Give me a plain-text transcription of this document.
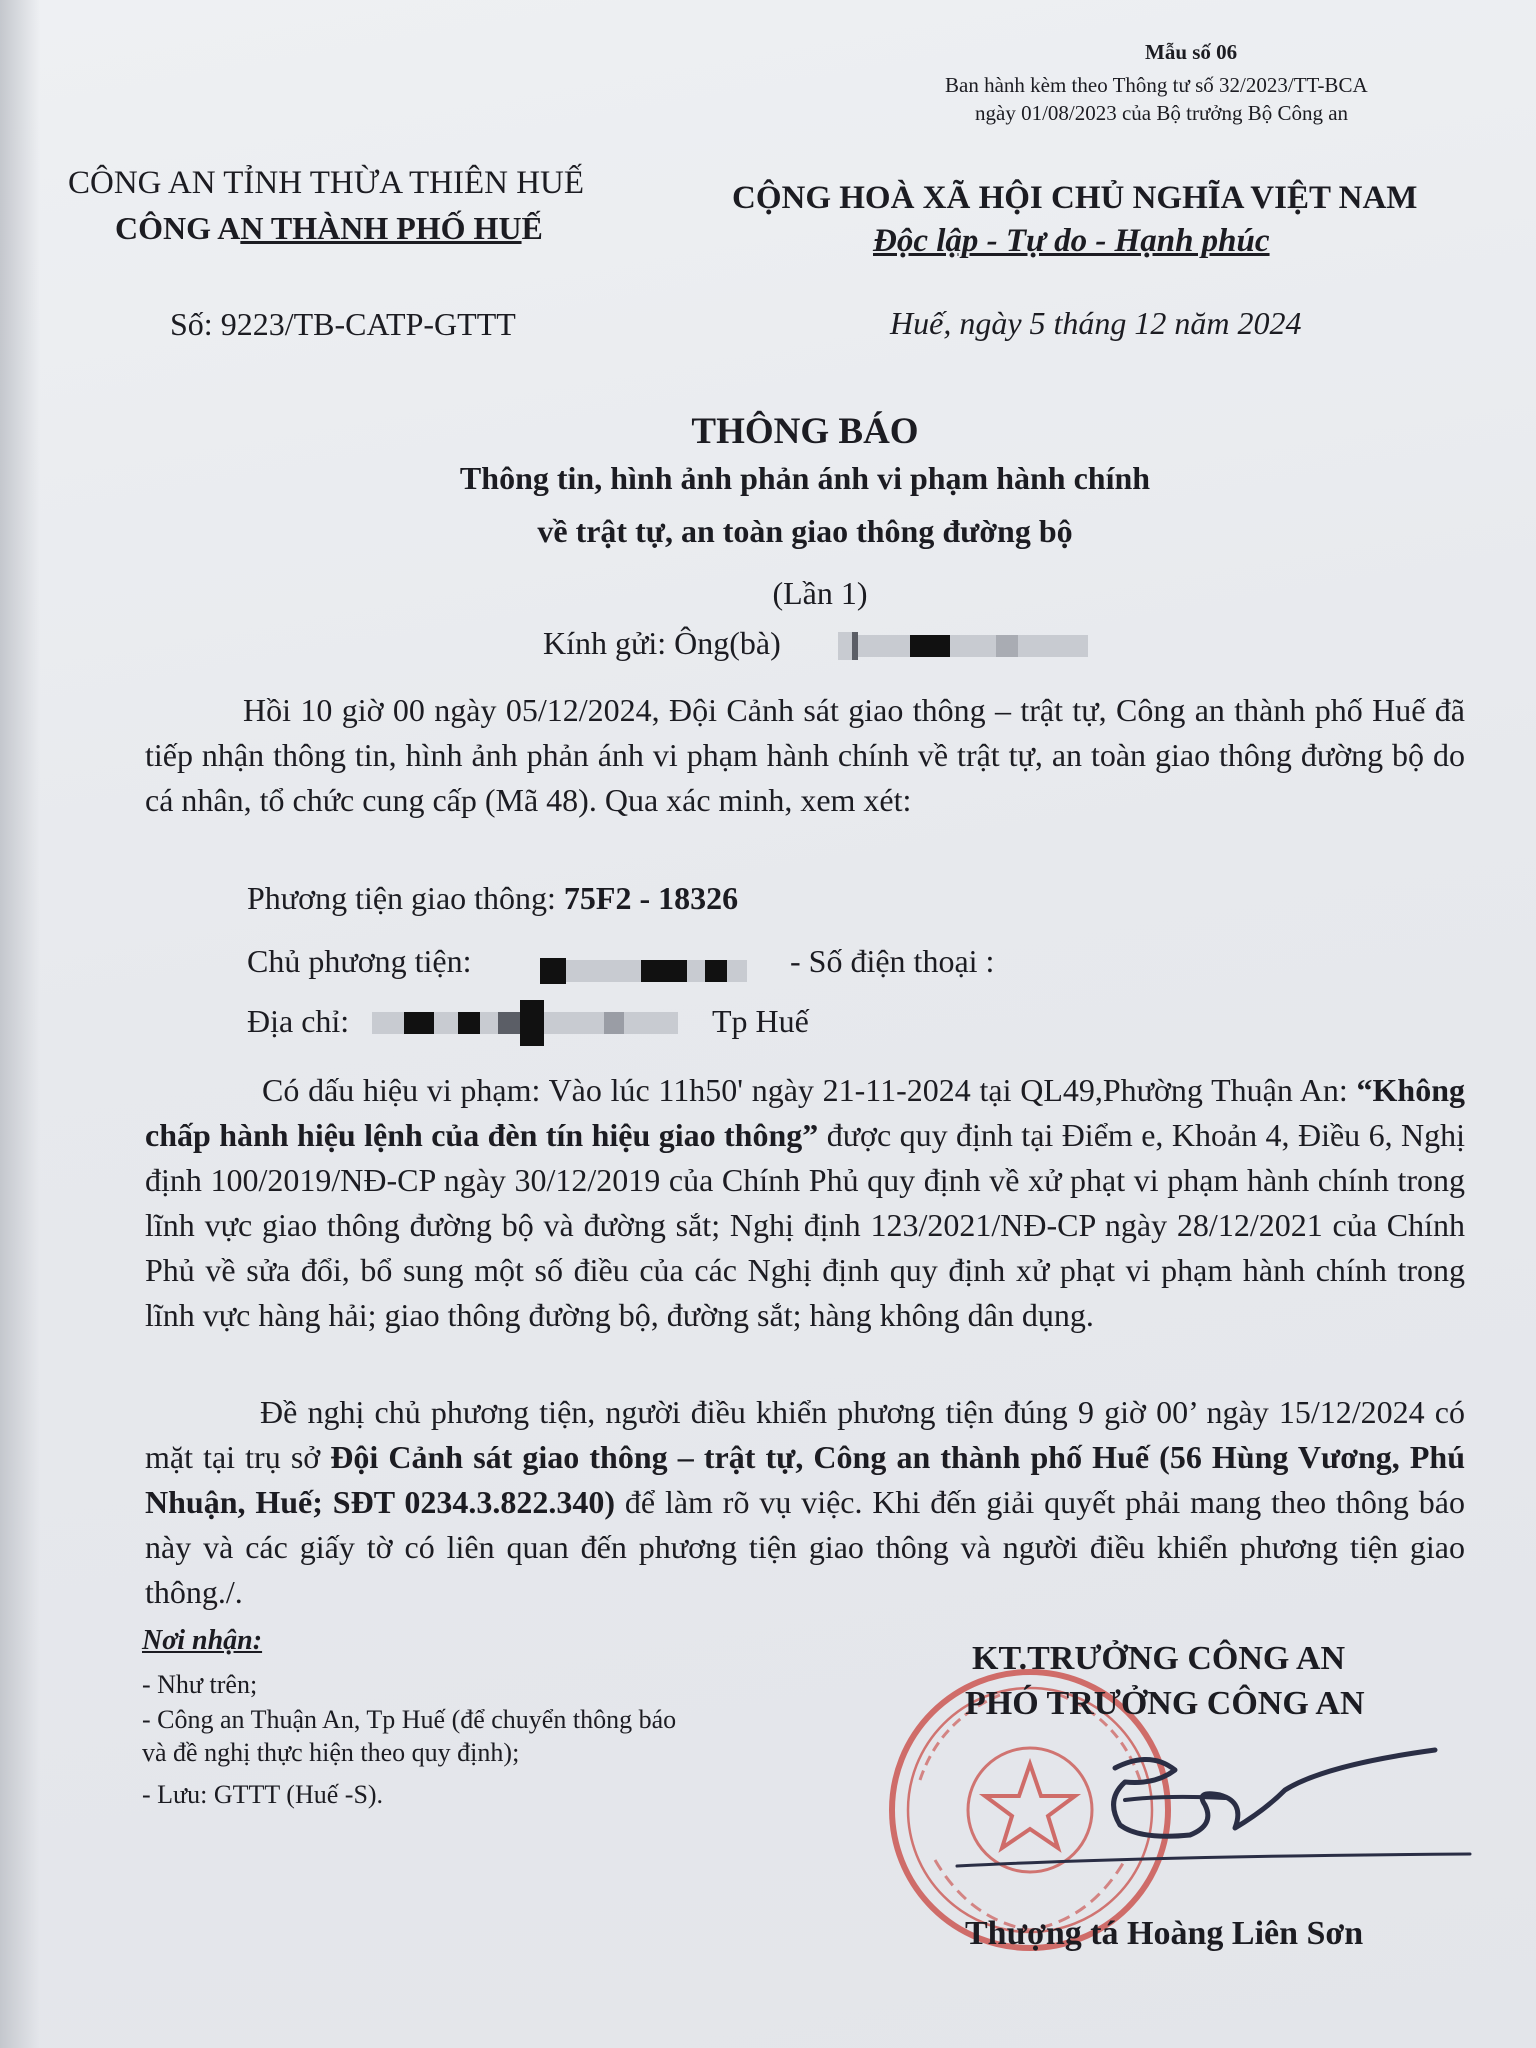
Mẫu số 06
Ban hành kèm theo Thông tư số 32/2023/TT-BCA
ngày 01/08/2023 của Bộ trưởng Bộ Công an
CÔNG AN TỈNH THỪA THIÊN HUẾ
CÔNG AN THÀNH PHỐ HUẾ
CỘNG HOÀ XÃ HỘI CHỦ NGHĨA VIỆT NAM
Độc lập - Tự do - Hạnh phúc
Số: 9223/TB-CATP-GTTT	Huế, ngày 5 tháng 12 năm 2024
THÔNG BÁO
Thông tin, hình ảnh phản ánh vi phạm hành chính
về trật tự, an toàn giao thông đường bộ
(Lần 1)
Kính gửi: Ông(bà)
Hồi 10 giờ 00 ngày 05/12/2024, Đội Cảnh sát giao thông – trật tự, Công an thành phố Huế đã tiếp nhận thông tin, hình ảnh phản ánh vi phạm hành chính về trật tự, an toàn giao thông đường bộ do cá nhân, tổ chức cung cấp (Mã 48). Qua xác minh, xem xét:
Phương tiện giao thông: 75F2 - 18326
Chủ phương tiện:	- Số điện thoại :
Địa chỉ:	Tp Huế
Có dấu hiệu vi phạm: Vào lúc 11h50' ngày 21-11-2024 tại QL49,Phường Thuận An: “Không chấp hành hiệu lệnh của đèn tín hiệu giao thông” được quy định tại Điểm e, Khoản 4, Điều 6, Nghị định 100/2019/NĐ-CP ngày 30/12/2019 của Chính Phủ quy định về xử phạt vi phạm hành chính trong lĩnh vực giao thông đường bộ và đường sắt; Nghị định 123/2021/NĐ-CP ngày 28/12/2021 của Chính Phủ về sửa đổi, bổ sung một số điều của các Nghị định quy định xử phạt vi phạm hành chính trong lĩnh vực hàng hải; giao thông đường bộ, đường sắt; hàng không dân dụng.
Đề nghị chủ phương tiện, người điều khiển phương tiện đúng 9 giờ 00’ ngày 15/12/2024 có mặt tại trụ sở Đội Cảnh sát giao thông – trật tự, Công an thành phố Huế (56 Hùng Vương, Phú Nhuận, Huế; SĐT 0234.3.822.340) để làm rõ vụ việc. Khi đến giải quyết phải mang theo thông báo này và các giấy tờ có liên quan đến phương tiện giao thông và người điều khiển phương tiện giao thông./.
Nơi nhận:
- Như trên;
- Công an Thuận An, Tp Huế (để chuyển thông báo
và đề nghị thực hiện theo quy định);
- Lưu: GTTT (Huế -S).
KT.TRƯỞNG CÔNG AN
PHÓ TRƯỞNG CÔNG AN
Thượng tá Hoàng Liên Sơn
